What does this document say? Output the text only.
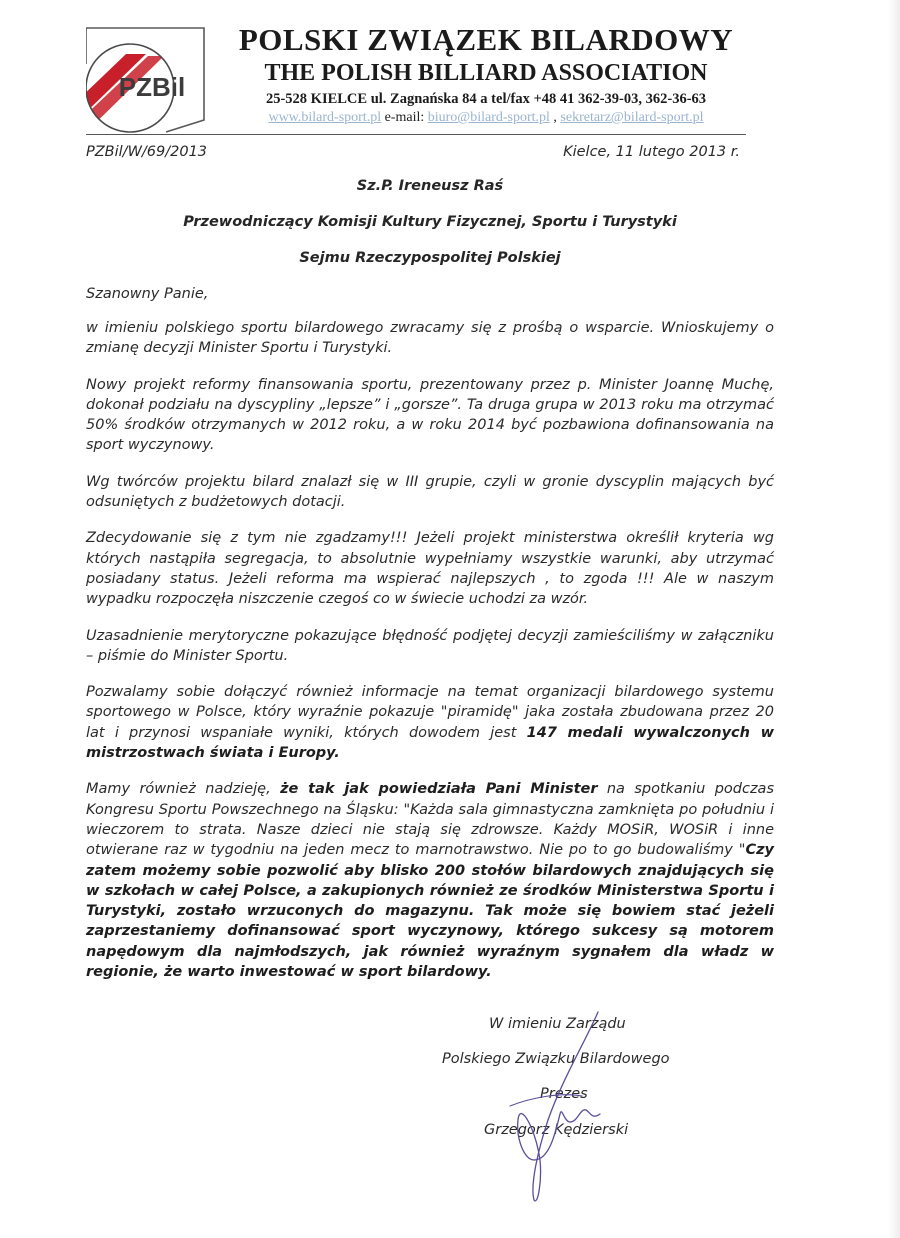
PZBil
POLSKI ZWIĄZEK BILARDOWY
THE POLISH BILLIARD ASSOCIATION
25-528 KIELCE ul. Zagnańska 84 a tel/fax +48 41 362-39-03, 362-36-63
www.bilard-sport.pl e-mail: biuro@bilard-sport.pl , sekretarz@bilard-sport.pl
PZBil/W/69/2013	Kielce, 11 lutego 2013 r.
Sz.P. Ireneusz Raś
Przewodniczący Komisji Kultury Fizycznej, Sportu i Turystyki
Sejmu Rzeczypospolitej Polskiej
Szanowny Panie,

w imieniu polskiego sportu bilardowego zwracamy się z prośbą o wsparcie. Wnioskujemy o zmianę decyzji Minister Sportu i Turystyki.

Nowy projekt reformy finansowania sportu, prezentowany przez p. Minister Joannę Muchę, dokonał podziału na dyscypliny „lepsze” i „gorsze”. Ta druga grupa w 2013 roku ma otrzymać 50% środków otrzymanych w 2012 roku, a w roku 2014 być pozbawiona dofinansowania na sport wyczynowy.

Wg twórców projektu bilard znalazł się w III grupie, czyli w gronie dyscyplin mających być odsuniętych z budżetowych dotacji.

Zdecydowanie się z tym nie zgadzamy!!! Jeżeli projekt ministerstwa określił kryteria wg których nastąpiła segregacja, to absolutnie wypełniamy wszystkie warunki, aby utrzymać posiadany status. Jeżeli reforma ma wspierać najlepszych , to zgoda !!! Ale w naszym wypadku rozpoczęła niszczenie czegoś co w świecie uchodzi za wzór.

Uzasadnienie merytoryczne pokazujące błędność podjętej decyzji zamieściliśmy w załączniku – piśmie do Minister Sportu.

Pozwalamy sobie dołączyć również informacje na temat organizacji bilardowego systemu sportowego w Polsce, który wyraźnie pokazuje "piramidę" jaka została zbudowana przez 20 lat i przynosi wspaniałe wyniki, których dowodem jest 147 medali wywalczonych w mistrzostwach świata i Europy.

Mamy również nadzieję, że tak jak powiedziała Pani Minister na spotkaniu podczas Kongresu Sportu Powszechnego na Śląsku: "Każda sala gimnastyczna zamknięta po południu i wieczorem to strata. Nasze dzieci nie stają się zdrowsze. Każdy MOSiR, WOSiR i inne otwierane raz w tygodniu na jeden mecz to marnotrawstwo. Nie po to go budowaliśmy "Czy zatem możemy sobie pozwolić aby blisko 200 stołów bilardowych znajdujących się w szkołach w całej Polsce, a zakupionych również ze środków Ministerstwa Sportu i Turystyki, zostało wrzuconych do magazynu. Tak może się bowiem stać jeżeli zaprzestaniemy dofinansować sport wyczynowy, którego sukcesy są motorem napędowym dla najmłodszych, jak również wyraźnym sygnałem dla władz w regionie, że warto inwestować w sport bilardowy.

W imieniu Zarządu
Polskiego Związku Bilardowego
Prezes
Grzegorz Kędzierski
